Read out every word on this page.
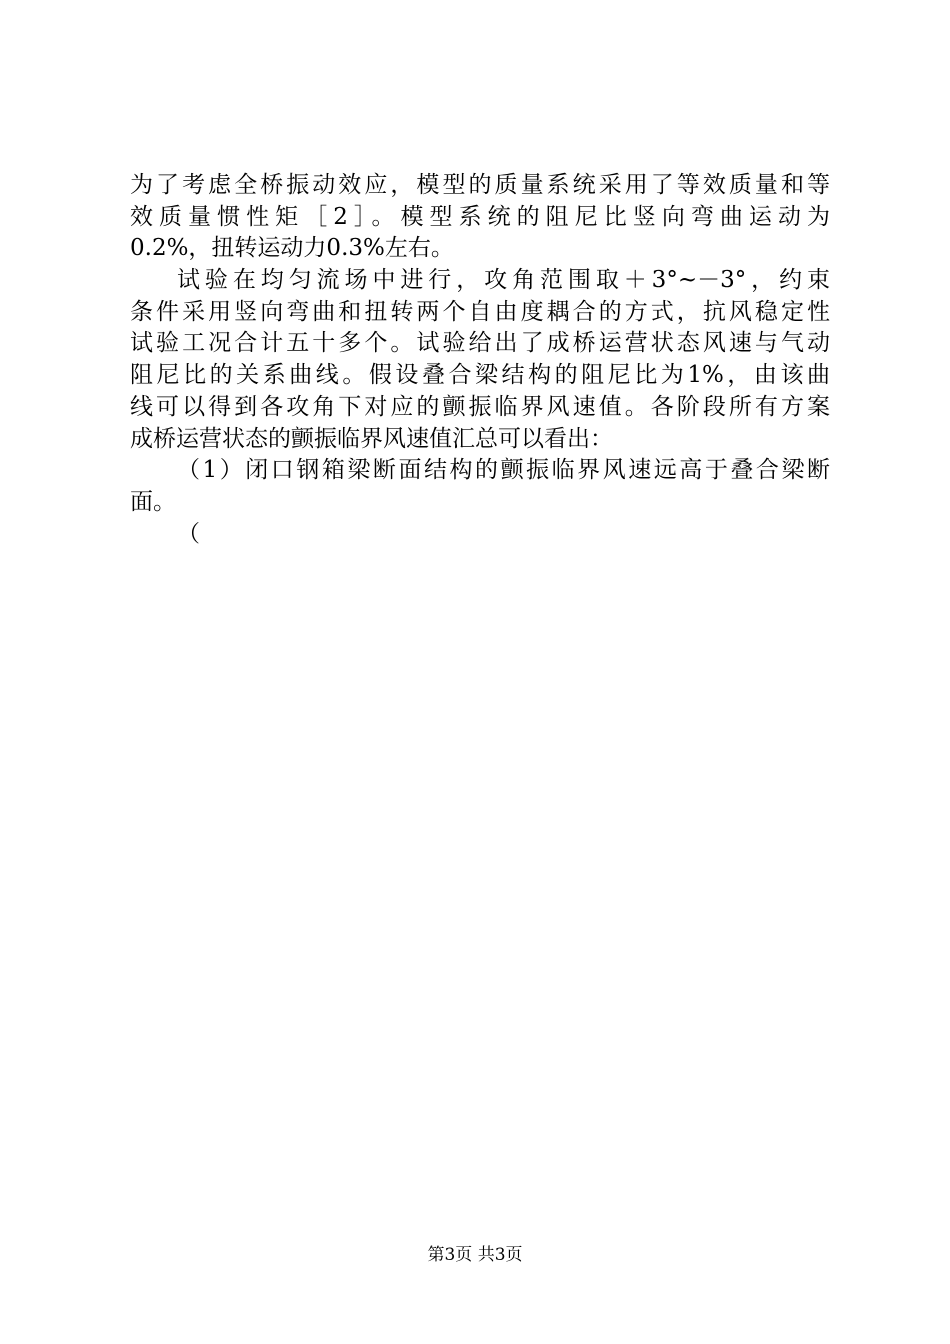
为了考虑全桥振动效应，模型的质量系统采用了等效质量和等
效质量惯性矩［2］。模型系统的阻尼比竖向弯曲运动为
0.2%，扭转运动力0.3%左右。
试验在均匀流场中进行，攻角范围取＋3°~－3°，约束
条件采用竖向弯曲和扭转两个自由度耦合的方式，抗风稳定性
试验工况合计五十多个。试验给出了成桥运营状态风速与气动
阻尼比的关系曲线。假设叠合梁结构的阻尼比为1%，由该曲
线可以得到各攻角下对应的颤振临界风速值。各阶段所有方案
成桥运营状态的颤振临界风速值汇总可以看出：
（1）闭口钢箱梁断面结构的颤振临界风速远高于叠合梁断
面。
（
第3页 共3页
